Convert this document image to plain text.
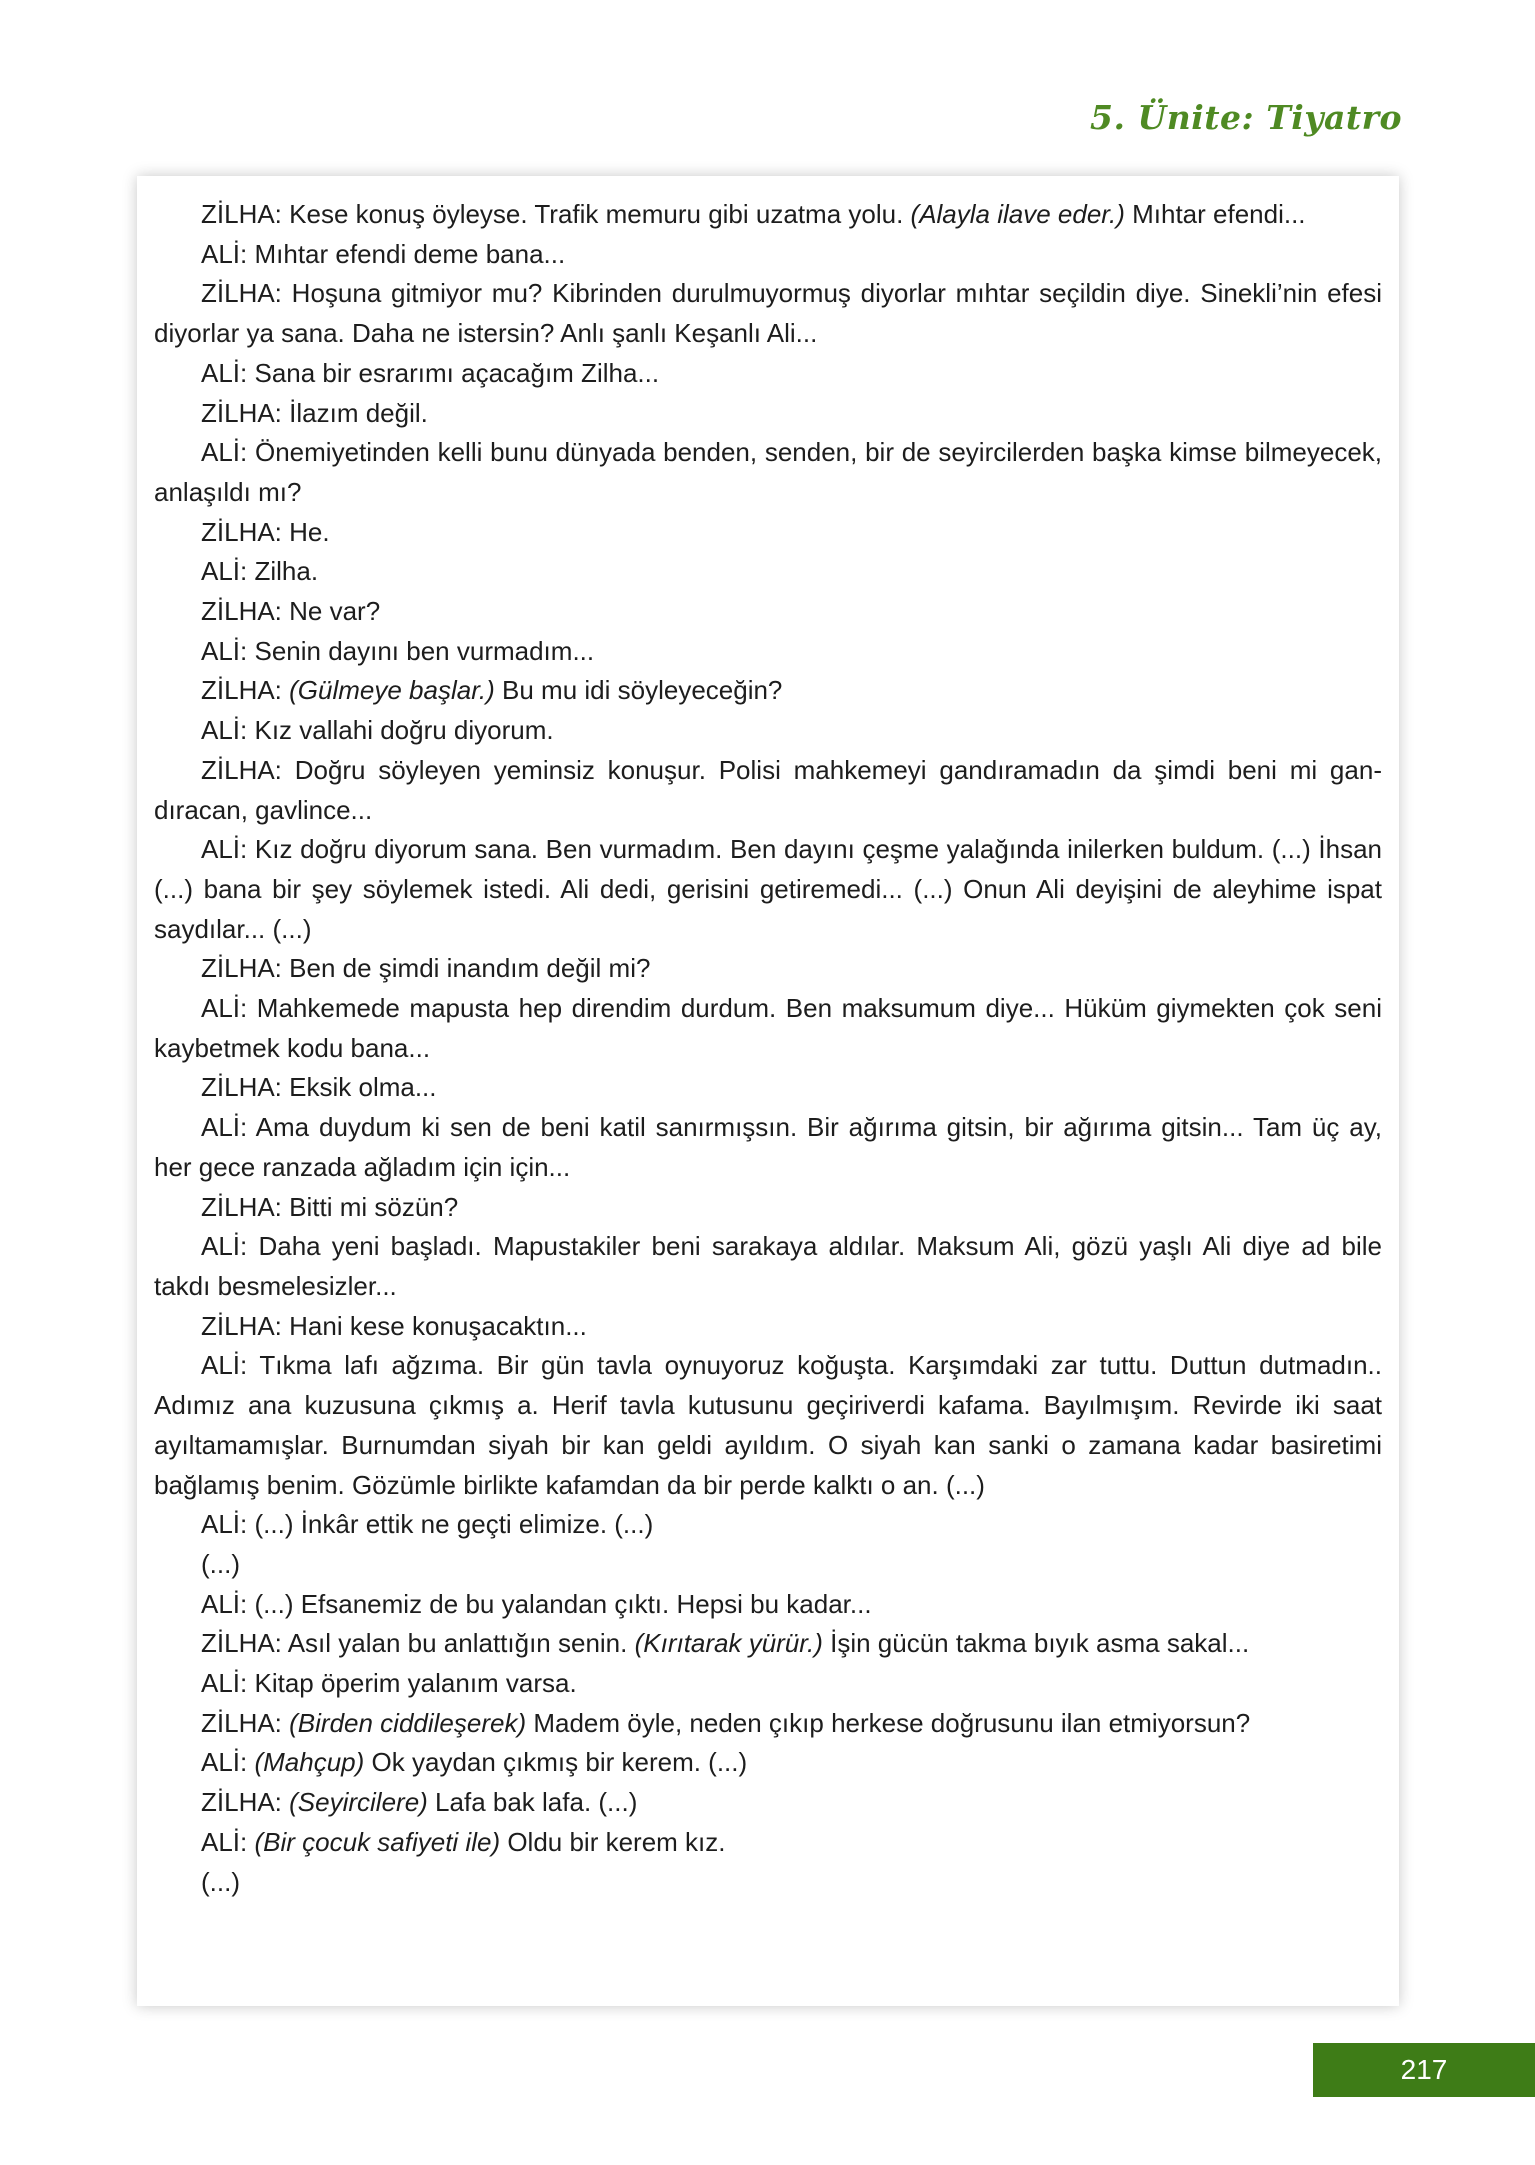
5. Ünite: Tiyatro

ZİLHA: Kese konuş öyleyse. Trafik memuru gibi uzatma yolu. (Alayla ilave eder.) Mıhtar efendi...

ALİ: Mıhtar efendi deme bana...

ZİLHA: Hoşuna gitmiyor mu? Kibrinden durulmuyormuş diyorlar mıhtar seçildin diye. Sinekli’nin efesi diyorlar ya sana. Daha ne istersin? Anlı şanlı Keşanlı Ali...

ALİ: Sana bir esrarımı açacağım Zilha...

ZİLHA: İlazım değil.

ALİ: Önemiyetinden kelli bunu dünyada benden, senden, bir de seyircilerden başka kimse bilmeyecek, anlaşıldı mı?

ZİLHA: He.

ALİ: Zilha.

ZİLHA: Ne var?

ALİ: Senin dayını ben vurmadım...

ZİLHA: (Gülmeye başlar.) Bu mu idi söyleyeceğin?

ALİ: Kız vallahi doğru diyorum.

ZİLHA: Doğru söyleyen yeminsiz konuşur. Polisi mahkemeyi gandıramadın da şimdi beni mi gandıracan, gavlince...

ALİ: Kız doğru diyorum sana. Ben vurmadım. Ben dayını çeşme yalağında inilerken buldum. (...) İhsan (...) bana bir şey söylemek istedi. Ali dedi, gerisini getiremedi... (...) Onun Ali deyişini de aleyhime ispat saydılar... (...)

ZİLHA: Ben de şimdi inandım değil mi?

ALİ: Mahkemede mapusta hep direndim durdum. Ben maksumum diye... Hüküm giymekten çok seni kaybetmek kodu bana...

ZİLHA: Eksik olma...

ALİ: Ama duydum ki sen de beni katil sanırmışsın. Bir ağırıma gitsin, bir ağırıma gitsin... Tam üç ay, her gece ranzada ağladım için için...

ZİLHA: Bitti mi sözün?

ALİ: Daha yeni başladı. Mapustakiler beni sarakaya aldılar. Maksum Ali, gözü yaşlı Ali diye ad bile takdı besmelesizler...

ZİLHA: Hani kese konuşacaktın...

ALİ: Tıkma lafı ağzıma. Bir gün tavla oynuyoruz koğuşta. Karşımdaki zar tuttu. Duttun dutmadın.. Adımız ana kuzusuna çıkmış a. Herif tavla kutusunu geçiriverdi kafama. Bayılmışım. Revirde iki saat ayıltamamışlar. Burnumdan siyah bir kan geldi ayıldım. O siyah kan sanki o zamana kadar basiretimi bağlamış benim. Gözümle birlikte kafamdan da bir perde kalktı o an. (...)

ALİ: (...) İnkâr ettik ne geçti elimize. (...)

(...)

ALİ: (...) Efsanemiz de bu yalandan çıktı. Hepsi bu kadar...

ZİLHA: Asıl yalan bu anlattığın senin. (Kırıtarak yürür.) İşin gücün takma bıyık asma sakal...

ALİ: Kitap öperim yalanım varsa.

ZİLHA: (Birden ciddileşerek) Madem öyle, neden çıkıp herkese doğrusunu ilan etmiyorsun?

ALİ: (Mahçup) Ok yaydan çıkmış bir kerem. (...)

ZİLHA: (Seyircilere) Lafa bak lafa. (...)

ALİ: (Bir çocuk safiyeti ile) Oldu bir kerem kız.

(...)

217
